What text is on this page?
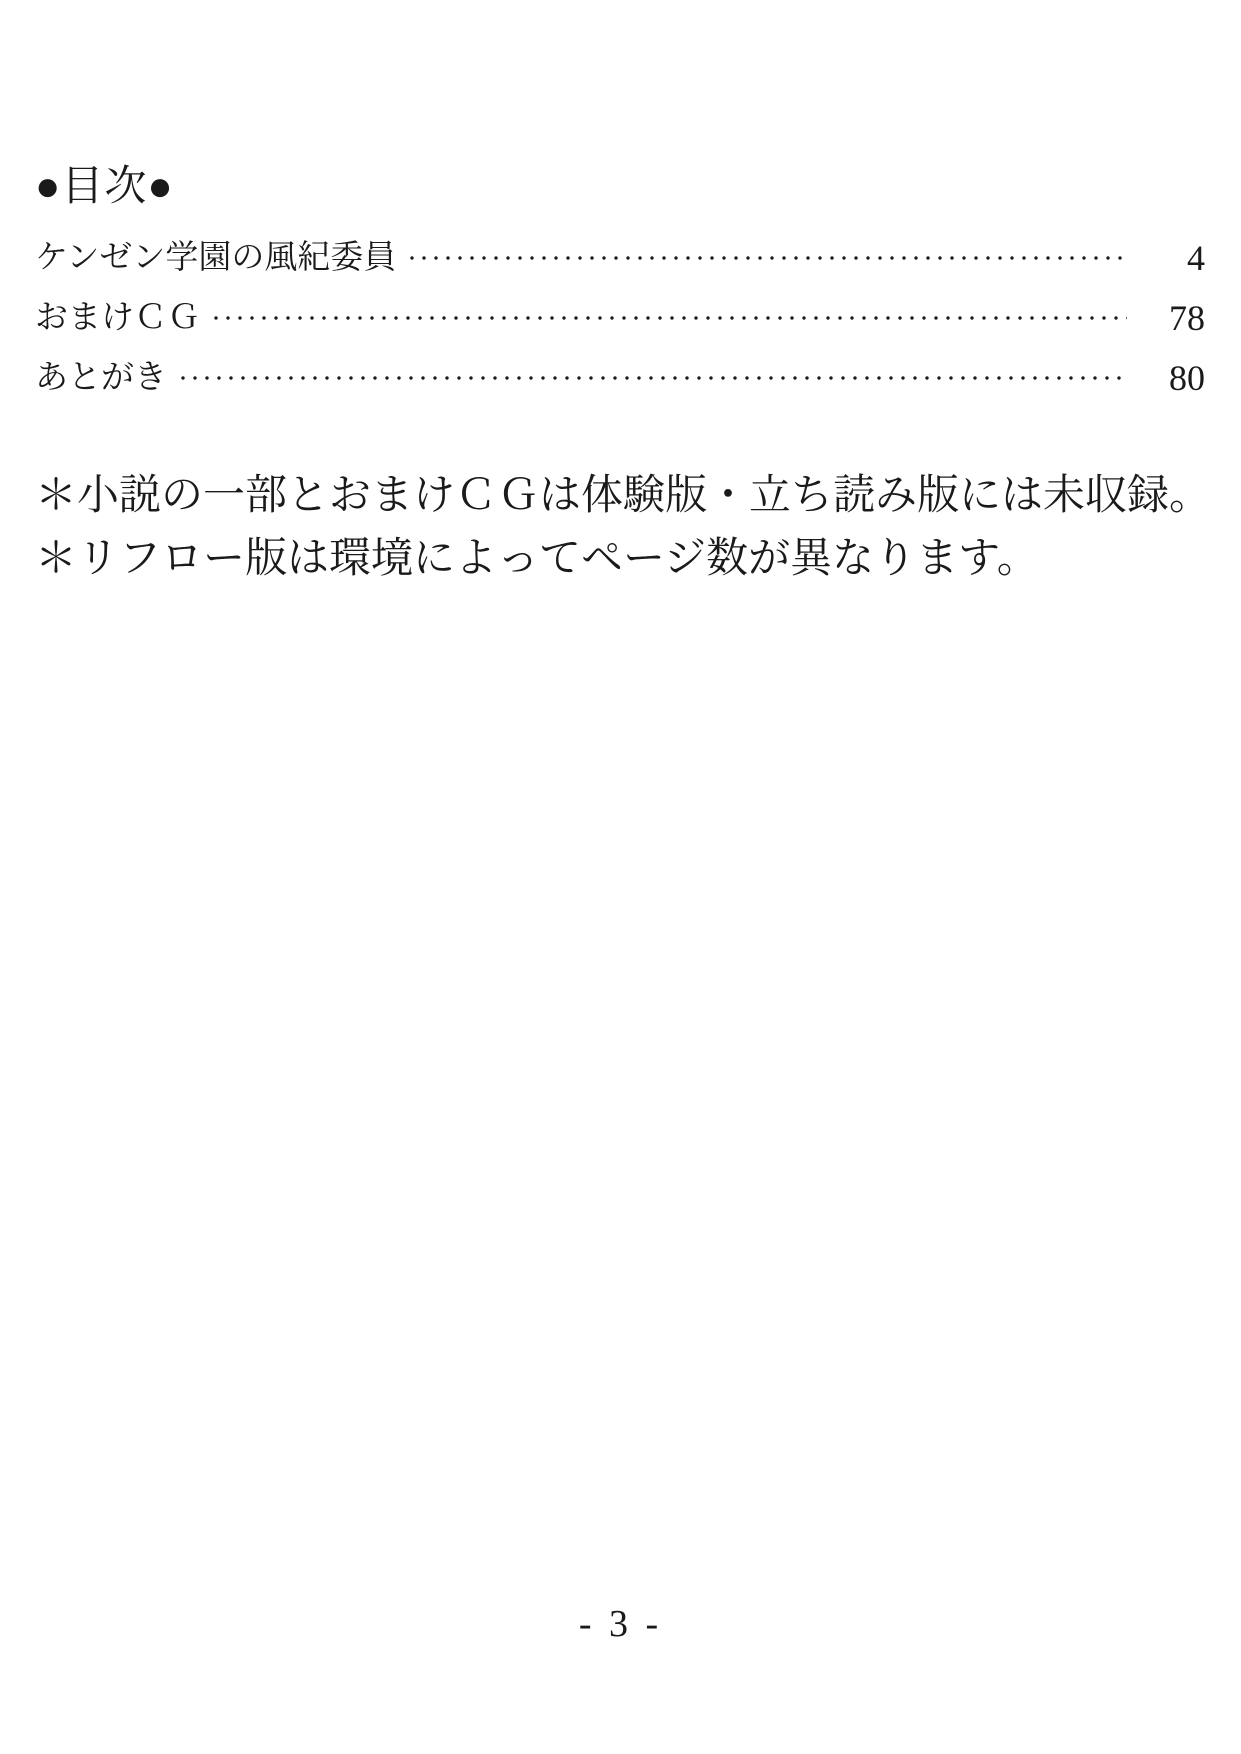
●目次●
ケンゼン学園の風紀委員	4
おまけＣＧ	78
あとがき	80

＊小説の一部とおまけＣＧは体験版・立ち読み版には未収録。

＊リフロー版は環境によってページ数が異なります。

- 3 -
